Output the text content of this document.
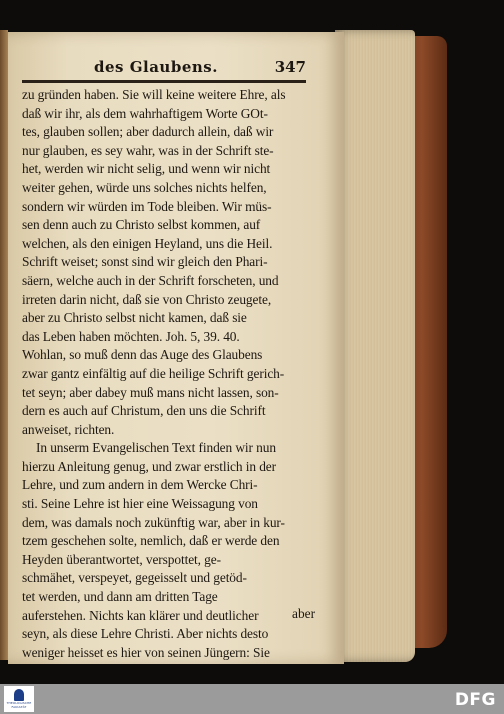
des Glaubens.	347
zu gründen haben. Sie will keine weitere Ehre, als
daß wir ihr, als dem wahrhaftigem Worte GOt-
tes, glauben sollen; aber dadurch allein, daß wir
nur glauben, es sey wahr, was in der Schrift ste-
het, werden wir nicht selig, und wenn wir nicht
weiter gehen, würde uns solches nichts helfen,
sondern wir würden im Tode bleiben. Wir müs-
sen denn auch zu Christo selbst kommen, auf
welchen, als den einigen Heyland, uns die Heil.
Schrift weiset; sonst sind wir gleich den Phari-
säern, welche auch in der Schrift forscheten, und
irreten darin nicht, daß sie von Christo zeugete,
aber zu Christo selbst nicht kamen, daß sie
das Leben haben möchten. Joh. 5, 39. 40.
Wohlan, so muß denn das Auge des Glaubens
zwar gantz einfältig auf die heilige Schrift gerich-
tet seyn; aber dabey muß mans nicht lassen, son-
dern es auch auf Christum, den uns die Schrift
anweiset, richten.
In unserm Evangelischen Text finden wir nun
hierzu Anleitung genug, und zwar erstlich in der
Lehre, und zum andern in dem Wercke Chri-
sti. Seine Lehre ist hier eine Weissagung von
dem, was damals noch zukünftig war, aber in kur-
tzem geschehen solte, nemlich, daß er werde den
Heyden überantwortet, verspottet, ge-
schmähet, verspeyet, gegeisselt und getöd-
tet werden, und dann am dritten Tage
auferstehen. Nichts kan klärer und deutlicher
seyn, als diese Lehre Christi. Aber nichts desto
weniger heisset es hier von seinen Jüngern: Sie
aber
THEOLOGISCHE FAKULTÄT	DFG
